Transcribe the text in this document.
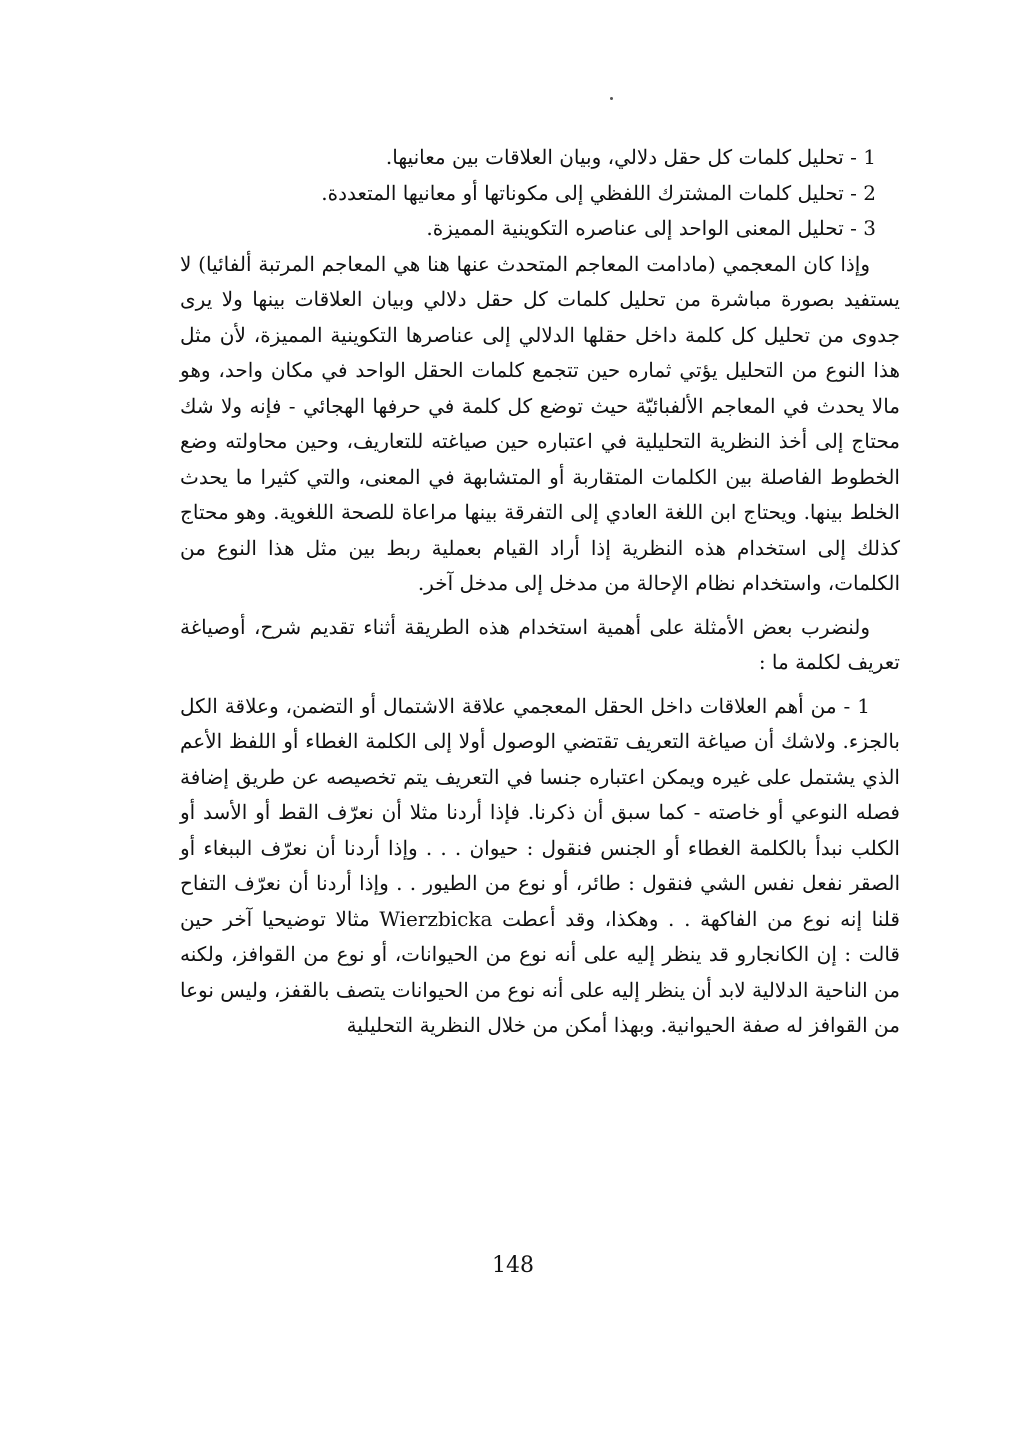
1 - تحليل كلمات كل حقل دلالي، وبيان العلاقات بين معانيها.

2 - تحليل كلمات المشترك اللفظي إلى مكوناتها أو معانيها المتعددة.

3 - تحليل المعنى الواحد إلى عناصره التكوينية المميزة.

وإذا كان المعجمي (مادامت المعاجم المتحدث عنها هنا هي المعاجم المرتبة ألفائيا) لا يستفيد بصورة مباشرة من تحليل كلمات كل حقل دلالي وبيان العلاقات بينها ولا يرى جدوى من تحليل كل كلمة داخل حقلها الدلالي إلى عناصرها التكوينية المميزة، لأن مثل هذا النوع من التحليل يؤتي ثماره حين تتجمع كلمات الحقل الواحد في مكان واحد، وهو مالا يحدث في المعاجم الألفبائيّة حيث توضع كل كلمة في حرفها الهجائي - فإنه ولا شك محتاج إلى أخذ النظرية التحليلية في اعتباره حين صياغته للتعاريف، وحين محاولته وضع الخطوط الفاصلة بين الكلمات المتقاربة أو المتشابهة في المعنى، والتي كثيرا ما يحدث الخلط بينها. ويحتاج ابن اللغة العادي إلى التفرقة بينها مراعاة للصحة اللغوية. وهو محتاج كذلك إلى استخدام هذه النظرية إذا أراد القيام بعملية ربط بين مثل هذا النوع من الكلمات، واستخدام نظام الإحالة من مدخل إلى مدخل آخر.

ولنضرب بعض الأمثلة على أهمية استخدام هذه الطريقة أثناء تقديم شرح، أوصياغة تعريف لكلمة ما :

1 - من أهم العلاقات داخل الحقل المعجمي علاقة الاشتمال أو التضمن، وعلاقة الكل بالجزء. ولاشك أن صياغة التعريف تقتضي الوصول أولا إلى الكلمة الغطاء أو اللفظ الأعم الذي يشتمل على غيره ويمكن اعتباره جنسا في التعريف يتم تخصيصه عن طريق إضافة فصله النوعي أو خاصته - كما سبق أن ذكرنا. فإذا أردنا مثلا أن نعرّف القط أو الأسد أو الكلب نبدأ بالكلمة الغطاء أو الجنس فنقول : حيوان . . . وإذا أردنا أن نعرّف الببغاء أو الصقر نفعل نفس الشي فنقول : طائر، أو نوع من الطيور . . وإذا أردنا أن نعرّف التفاح قلنا إنه نوع من الفاكهة . . وهكذا، وقد أعطت Wierzbicka مثالا توضيحيا آخر حين قالت : إن الكانجارو قد ينظر إليه على أنه نوع من الحيوانات، أو نوع من القوافز، ولكنه من الناحية الدلالية لابد أن ينظر إليه على أنه نوع من الحيوانات يتصف بالقفز، وليس نوعا من القوافز له صفة الحيوانية. وبهذا أمكن من خلال النظرية التحليلية

148
